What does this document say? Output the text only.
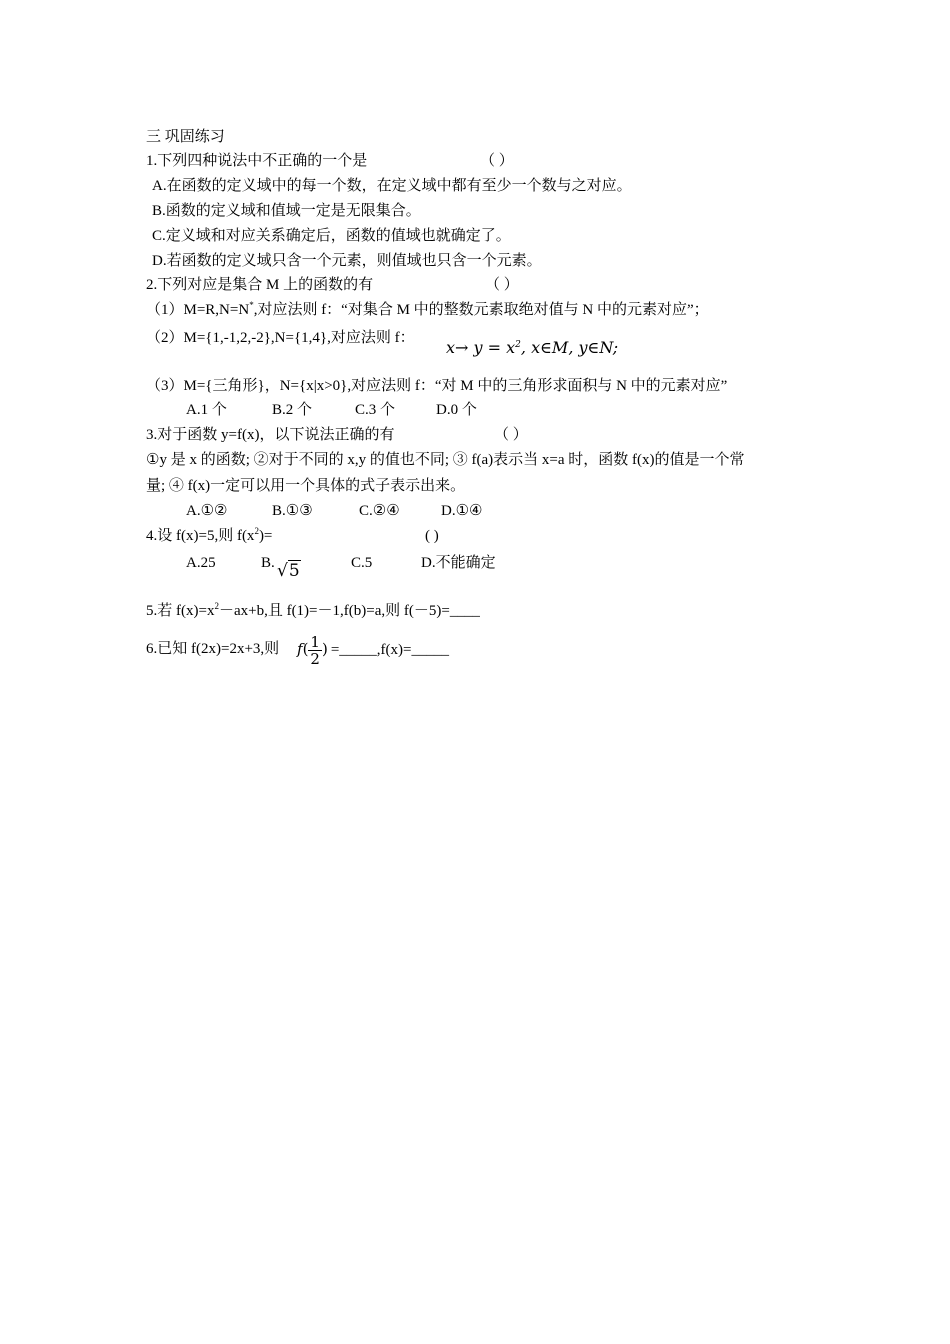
三 巩固练习
1.下列四种说法中不正确的一个是	（ ）
A.在函数的定义域中的每一个数，在定义域中都有至少一个数与之对应。
B.函数的定义域和值域一定是无限集合。
C.定义域和对应关系确定后，函数的值域也就确定了。
D.若函数的定义域只含一个元素，则值域也只含一个元素。
2.下列对应是集合 M 上的函数的有	（ ）
（1）M=R,N=N*,对应法则 f：“对集合 M 中的整数元素取绝对值与 N 中的元素对应”；
（2）M={1,-1,2,-2},N={1,4},对应法则 f： $x\to y = x^2$, x∈M, y∈N;
（3）M={三角形}，N={x|x>0},对应法则 f：“对 M 中的三角形求面积与 N 中的元素对应”
A.1 个	B.2 个	C.3 个	D.0 个
3.对于函数 y=f(x)，以下说法正确的有	（ ）
①y 是 x 的函数; ②对于不同的 x,y 的值也不同; ③ f(a)表示当 x=a 时，函数 f(x)的值是一个常
量; ④ f(x)一定可以用一个具体的式子表示出来。
A.①②	B.①③	C.②④	D.①④
4.设 f(x)=5,则 $f(x^2)=$	( )
A.25	B. √5	C.5	D.不能确定
5.若 $f(x)=x^2-ax+b$,且 f(1)=－1,f(b)=a,则 f(－5)=____
6.已知 f(2x)=2x+3,则 $f( \frac{1}{2}$ ) =_____,f(x)=_____
